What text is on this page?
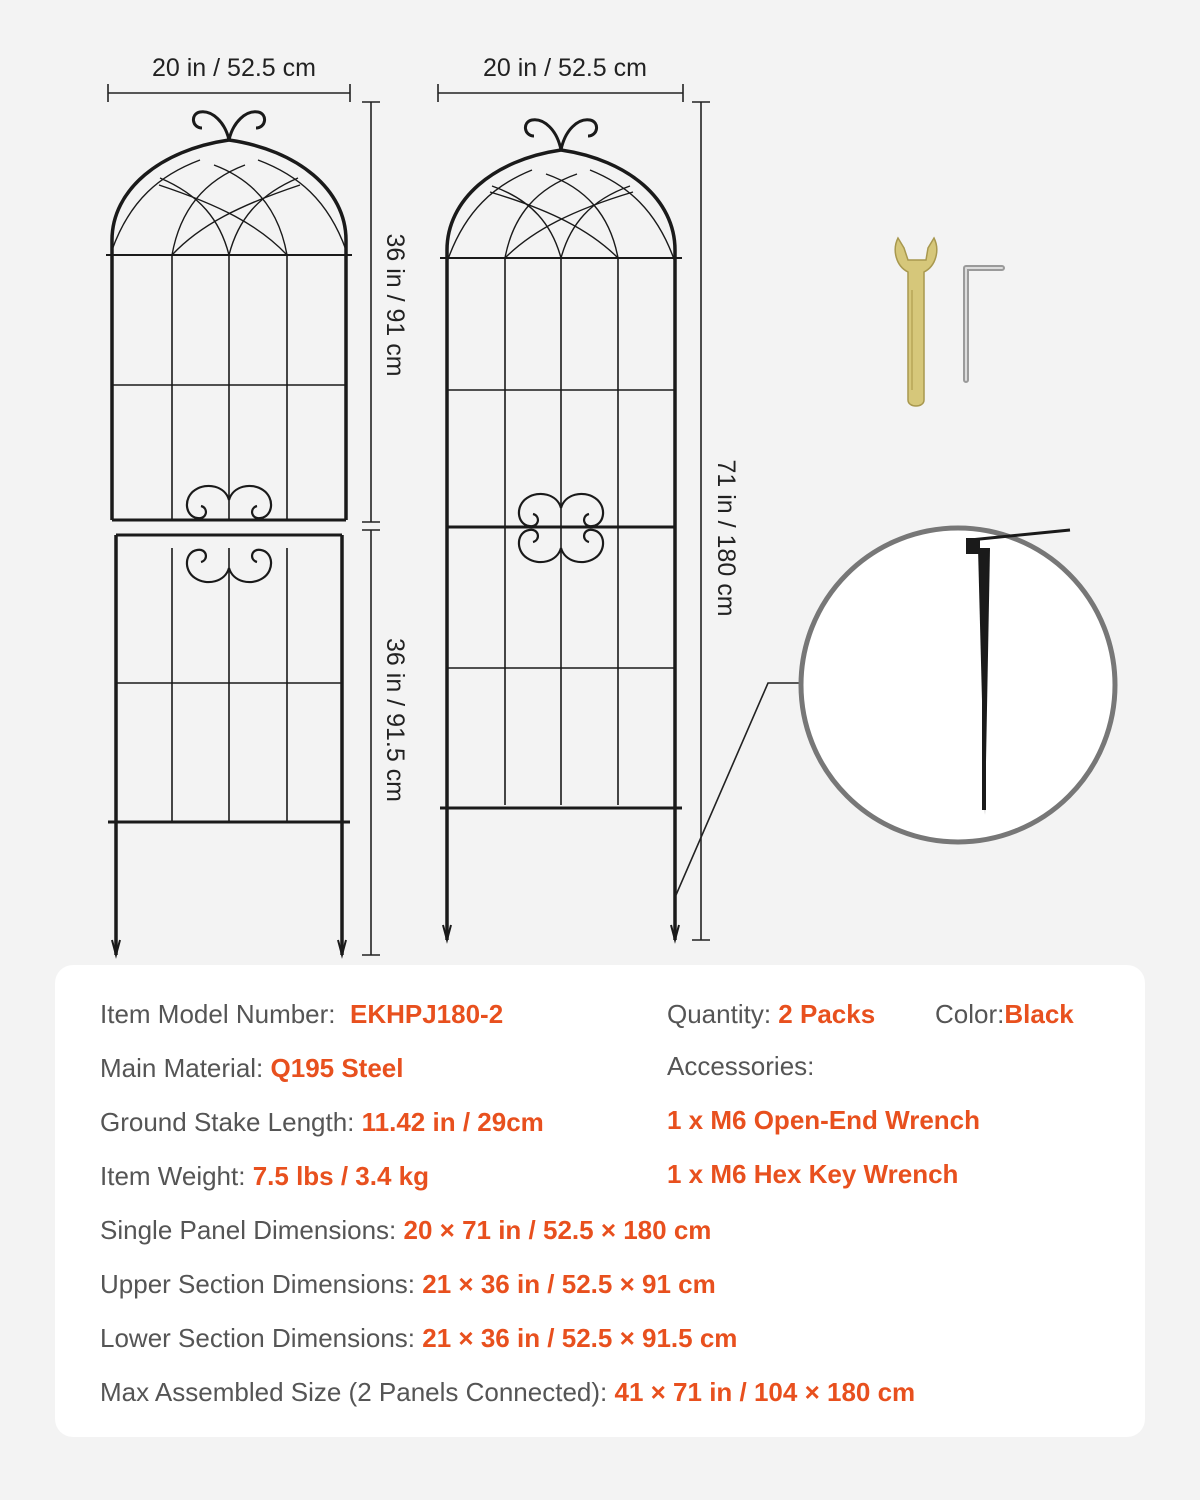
20 in / 52.5 cm	20 in / 52.5 cm
36 in / 91 cm
36 in / 91.5 cm
71 in / 180 cm
Item Model Number: EKHPJ180-2
Main Material: Q195 Steel
Ground Stake Length: 11.42 in / 29cm
Item Weight: 7.5 lbs / 3.4 kg
Single Panel Dimensions: 20 × 71 in / 52.5 × 180 cm
Upper Section Dimensions: 21 × 36 in / 52.5 × 91 cm
Lower Section Dimensions: 21 × 36 in / 52.5 × 91.5 cm
Max Assembled Size (2 Panels Connected): 41 × 71 in / 104 × 180 cm
Quantity: 2 Packs Color:Black
Accessories:
1 x M6 Open-End Wrench
1 x M6 Hex Key Wrench
